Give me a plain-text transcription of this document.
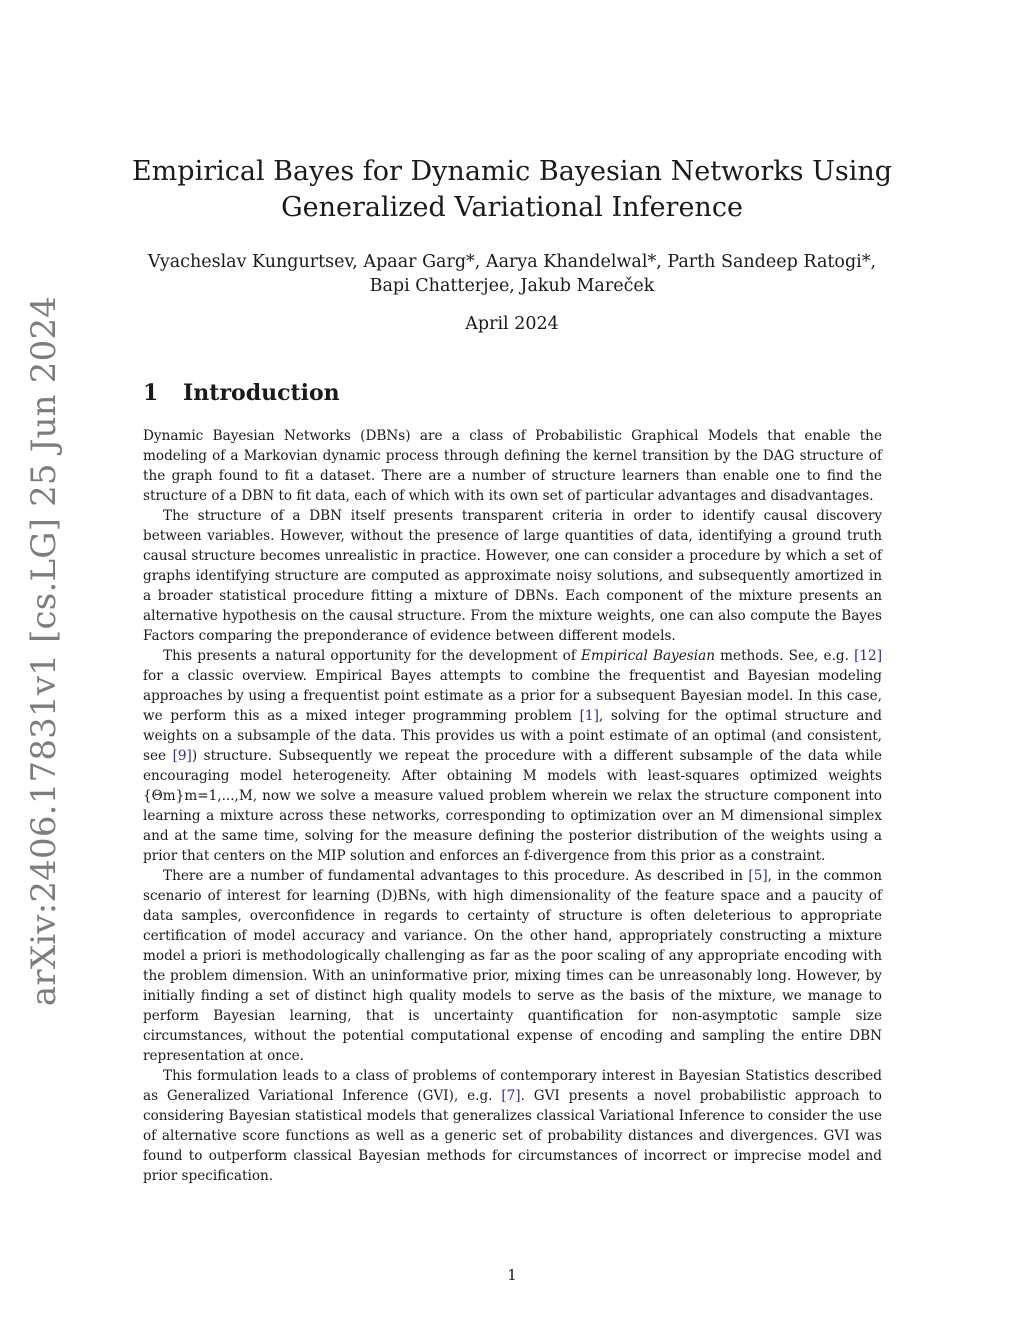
arXiv:2406.17831v1 [cs.LG] 25 Jun 2024
Empirical Bayes for Dynamic Bayesian Networks Using
Generalized Variational Inference
Vyacheslav Kungurtsev, Apaar Garg*, Aarya Khandelwal*, Parth Sandeep Ratogi*,
Bapi Chatterjee, Jakub Mareček
April 2024
1 Introduction

Dynamic Bayesian Networks (DBNs) are a class of Probabilistic Graphical Models that enable the modeling of a Markovian dynamic process through defining the kernel transition by the DAG structure of the graph found to fit a dataset. There are a number of structure learners than enable one to find the structure of a DBN to fit data, each of which with its own set of particular advantages and disadvantages.

The structure of a DBN itself presents transparent criteria in order to identify causal discovery between variables. However, without the presence of large quantities of data, identifying a ground truth causal structure becomes unrealistic in practice. However, one can consider a procedure by which a set of graphs identifying structure are computed as approximate noisy solutions, and subsequently amortized in a broader statistical procedure fitting a mixture of DBNs. Each component of the mixture presents an alternative hypothesis on the causal structure. From the mixture weights, one can also compute the Bayes Factors comparing the preponderance of evidence between different models.

This presents a natural opportunity for the development of Empirical Bayesian methods. See, e.g. [12] for a classic overview. Empirical Bayes attempts to combine the frequentist and Bayesian modeling approaches by using a frequentist point estimate as a prior for a subsequent Bayesian model. In this case, we perform this as a mixed integer programming problem [1], solving for the optimal structure and weights on a subsample of the data. This provides us with a point estimate of an optimal (and consistent, see [9]) structure. Subsequently we repeat the procedure with a different subsample of the data while encouraging model heterogeneity. After obtaining M models with least-squares optimized weights {Θm}m=1,...,M, now we solve a measure valued problem wherein we relax the structure component into learning a mixture across these networks, corresponding to optimization over an M dimensional simplex and at the same time, solving for the measure defining the posterior distribution of the weights using a prior that centers on the MIP solution and enforces an f-divergence from this prior as a constraint.

There are a number of fundamental advantages to this procedure. As described in [5], in the common scenario of interest for learning (D)BNs, with high dimensionality of the feature space and a paucity of data samples, overconfidence in regards to certainty of structure is often deleterious to appropriate certification of model accuracy and variance. On the other hand, appropriately constructing a mixture model a priori is methodologically challenging as far as the poor scaling of any appropriate encoding with the problem dimension. With an uninformative prior, mixing times can be unreasonably long. However, by initially finding a set of distinct high quality models to serve as the basis of the mixture, we manage to perform Bayesian learning, that is uncertainty quantification for non-asymptotic sample size circumstances, without the potential computational expense of encoding and sampling the entire DBN representation at once.

This formulation leads to a class of problems of contemporary interest in Bayesian Statistics described as Generalized Variational Inference (GVI), e.g. [7]. GVI presents a novel probabilistic approach to considering Bayesian statistical models that generalizes classical Variational Inference to consider the use of alternative score functions as well as a generic set of probability distances and divergences. GVI was found to outperform classical Bayesian methods for circumstances of incorrect or imprecise model and prior specification.

1
